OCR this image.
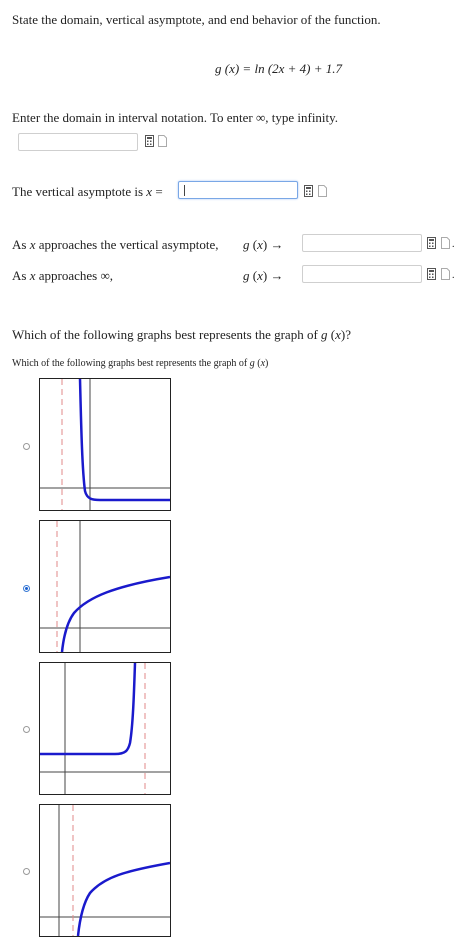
State the domain, vertical asymptote, and end behavior of the function.
g (x) = ln (2x + 4) + 1.7
Enter the domain in interval notation. To enter ∞, type infinity.
The vertical asymptote is x =
As x approaches the vertical asymptote, g (x) →	.
As x approaches ∞,	g (x) →	.
Which of the following graphs best represents the graph of g (x)?
Which of the following graphs best represents the graph of g (x)
